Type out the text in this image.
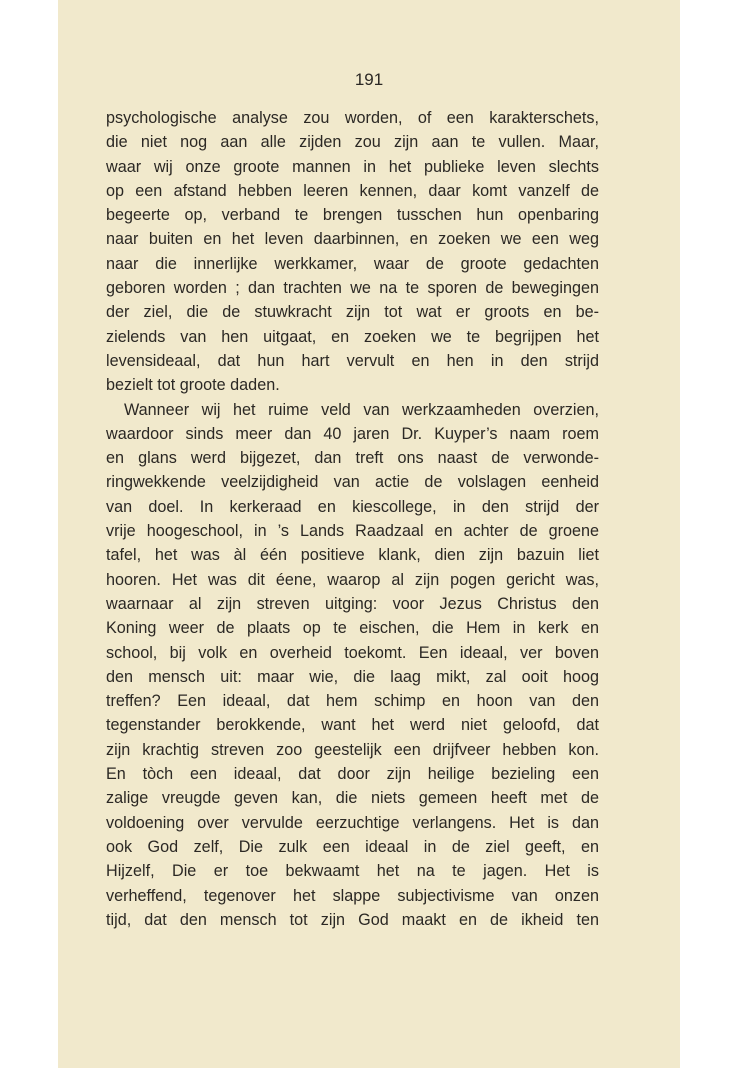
191
psychologische analyse zou worden, of een karakterschets,
die niet nog aan alle zijden zou zijn aan te vullen. Maar,
waar wij onze groote mannen in het publieke leven slechts
op een afstand hebben leeren kennen, daar komt vanzelf de
begeerte op, verband te brengen tusschen hun openbaring
naar buiten en het leven daarbinnen, en zoeken we een weg
naar die innerlijke werkkamer, waar de groote gedachten
geboren worden ; dan trachten we na te sporen de bewegingen
der ziel, die de stuwkracht zijn tot wat er groots en be-
zielends van hen uitgaat, en zoeken we te begrijpen het
levensideaal, dat hun hart vervult en hen in den strijd
bezielt tot groote daden.
Wanneer wij het ruime veld van werkzaamheden overzien,
waardoor sinds meer dan 40 jaren Dr. Kuyper’s naam roem
en glans werd bijgezet, dan treft ons naast de verwonde-
ringwekkende veelzijdigheid van actie de volslagen eenheid
van doel. In kerkeraad en kiescollege, in den strijd der
vrije hoogeschool, in ’s Lands Raadzaal en achter de groene
tafel, het was àl één positieve klank, dien zijn bazuin liet
hooren. Het was dit éene, waarop al zijn pogen gericht was,
waarnaar al zijn streven uitging: voor Jezus Christus den
Koning weer de plaats op te eischen, die Hem in kerk en
school, bij volk en overheid toekomt. Een ideaal, ver boven
den mensch uit: maar wie, die laag mikt, zal ooit hoog
treffen? Een ideaal, dat hem schimp en hoon van den
tegenstander berokkende, want het werd niet geloofd, dat
zijn krachtig streven zoo geestelijk een drijfveer hebben kon.
En tòch een ideaal, dat door zijn heilige bezieling een
zalige vreugde geven kan, die niets gemeen heeft met de
voldoening over vervulde eerzuchtige verlangens. Het is dan
ook God zelf, Die zulk een ideaal in de ziel geeft, en
Hijzelf, Die er toe bekwaamt het na te jagen. Het is
verheffend, tegenover het slappe subjectivisme van onzen
tijd, dat den mensch tot zijn God maakt en de ikheid ten
